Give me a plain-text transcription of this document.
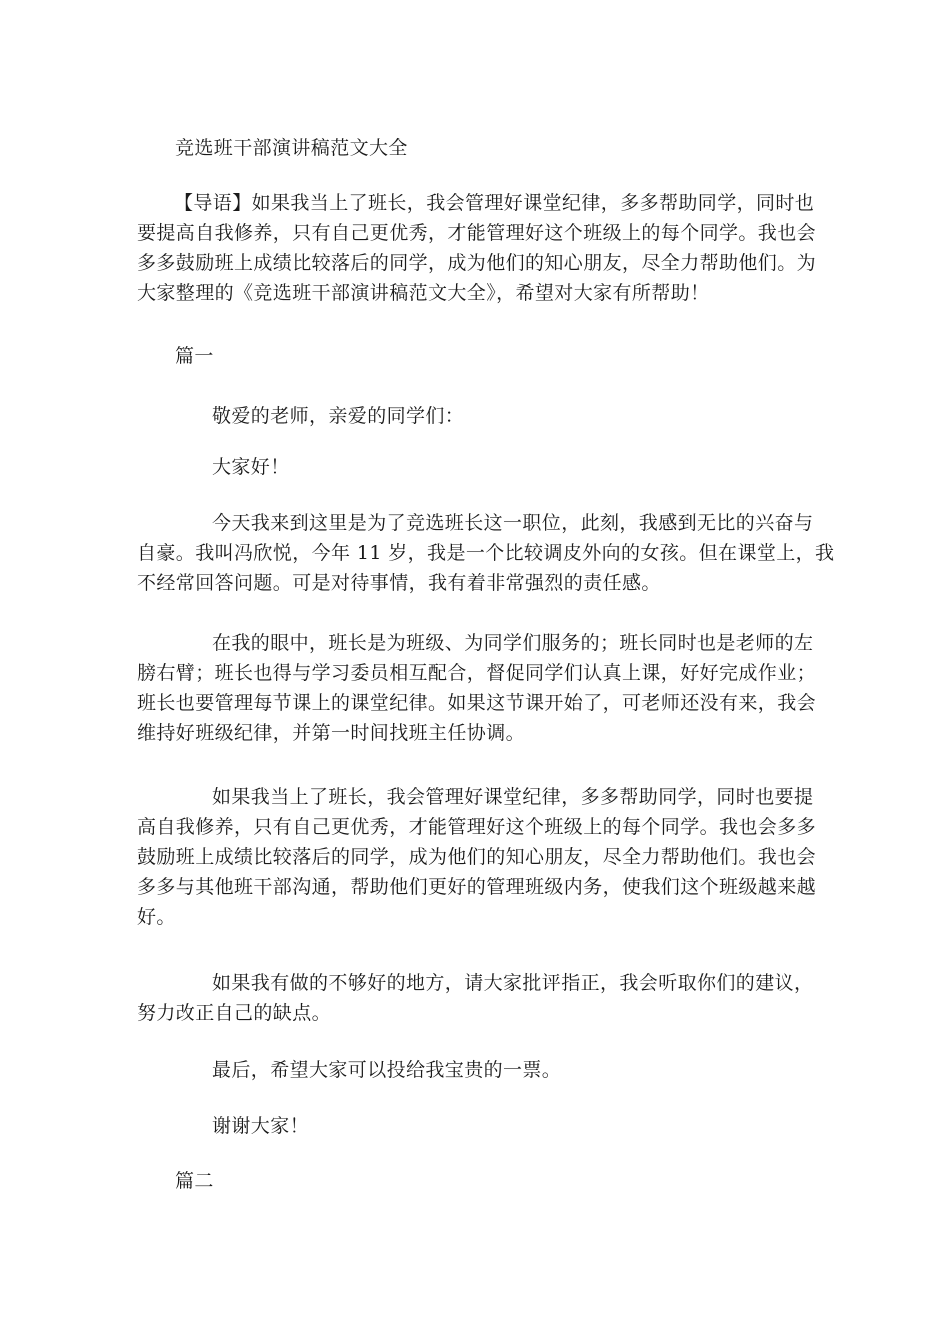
竞选班干部演讲稿范文大全
【导语】如果我当上了班长，我会管理好课堂纪律，多多帮助同学，同时也
要提高自我修养，只有自己更优秀，才能管理好这个班级上的每个同学。我也会
多多鼓励班上成绩比较落后的同学，成为他们的知心朋友，尽全力帮助他们。为
大家整理的《竞选班干部演讲稿范文大全》，希望对大家有所帮助！
篇一
敬爱的老师，亲爱的同学们：
大家好！
今天我来到这里是为了竞选班长这一职位，此刻，我感到无比的兴奋与
自豪。我叫冯欣悦，今年 11 岁，我是一个比较调皮外向的女孩。但在课堂上，我
不经常回答问题。可是对待事情，我有着非常强烈的责任感。
在我的眼中，班长是为班级、为同学们服务的；班长同时也是老师的左
膀右臂；班长也得与学习委员相互配合，督促同学们认真上课，好好完成作业；
班长也要管理每节课上的课堂纪律。如果这节课开始了，可老师还没有来，我会
维持好班级纪律，并第一时间找班主任协调。
如果我当上了班长，我会管理好课堂纪律，多多帮助同学，同时也要提
高自我修养，只有自己更优秀，才能管理好这个班级上的每个同学。我也会多多
鼓励班上成绩比较落后的同学，成为他们的知心朋友，尽全力帮助他们。我也会
多多与其他班干部沟通，帮助他们更好的管理班级内务，使我们这个班级越来越
好。
如果我有做的不够好的地方，请大家批评指正，我会听取你们的建议，
努力改正自己的缺点。
最后，希望大家可以投给我宝贵的一票。
谢谢大家！
篇二
